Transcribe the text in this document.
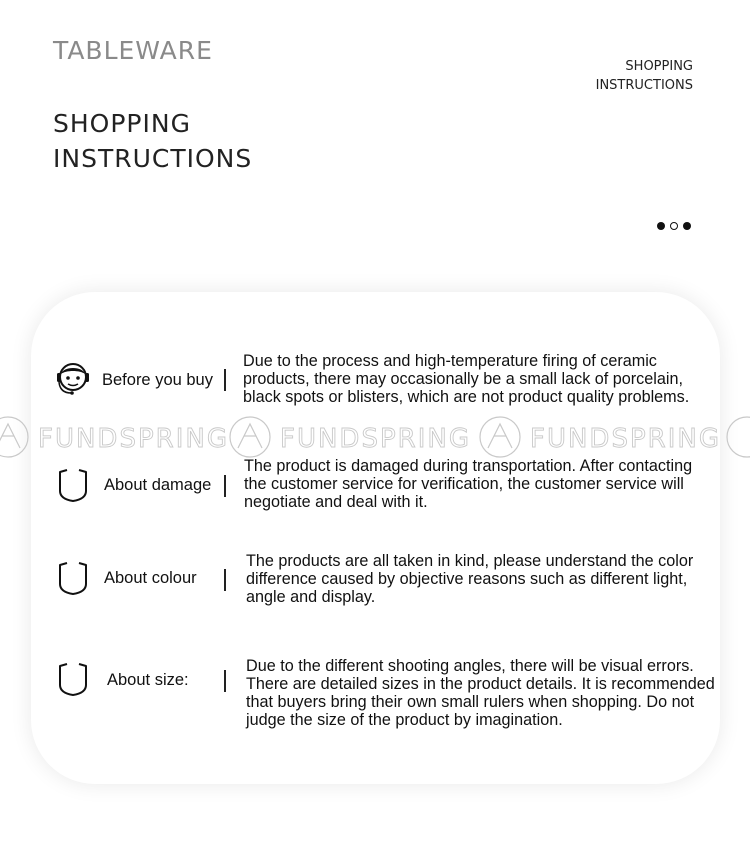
TABLEWARE
SHOPPING
INSTRUCTIONS
SHOPPING
INSTRUCTIONS
FUNDSPRING FUNDSPRING FUNDSPRING
Before you buy
Due to the process and high-temperature firing of ceramic
products, there may occasionally be a small lack of porcelain,
black spots or blisters, which are not product quality problems.
About damage
The product is damaged during transportation. After contacting
the customer service for verification, the customer service will
negotiate and deal with it.
About colour
The products are all taken in kind, please understand the color
difference caused by objective reasons such as different light,
angle and display.
About size:
Due to the different shooting angles, there will be visual errors.
There are detailed sizes in the product details. It is recommended
that buyers bring their own small rulers when shopping. Do not
judge the size of the product by imagination.
